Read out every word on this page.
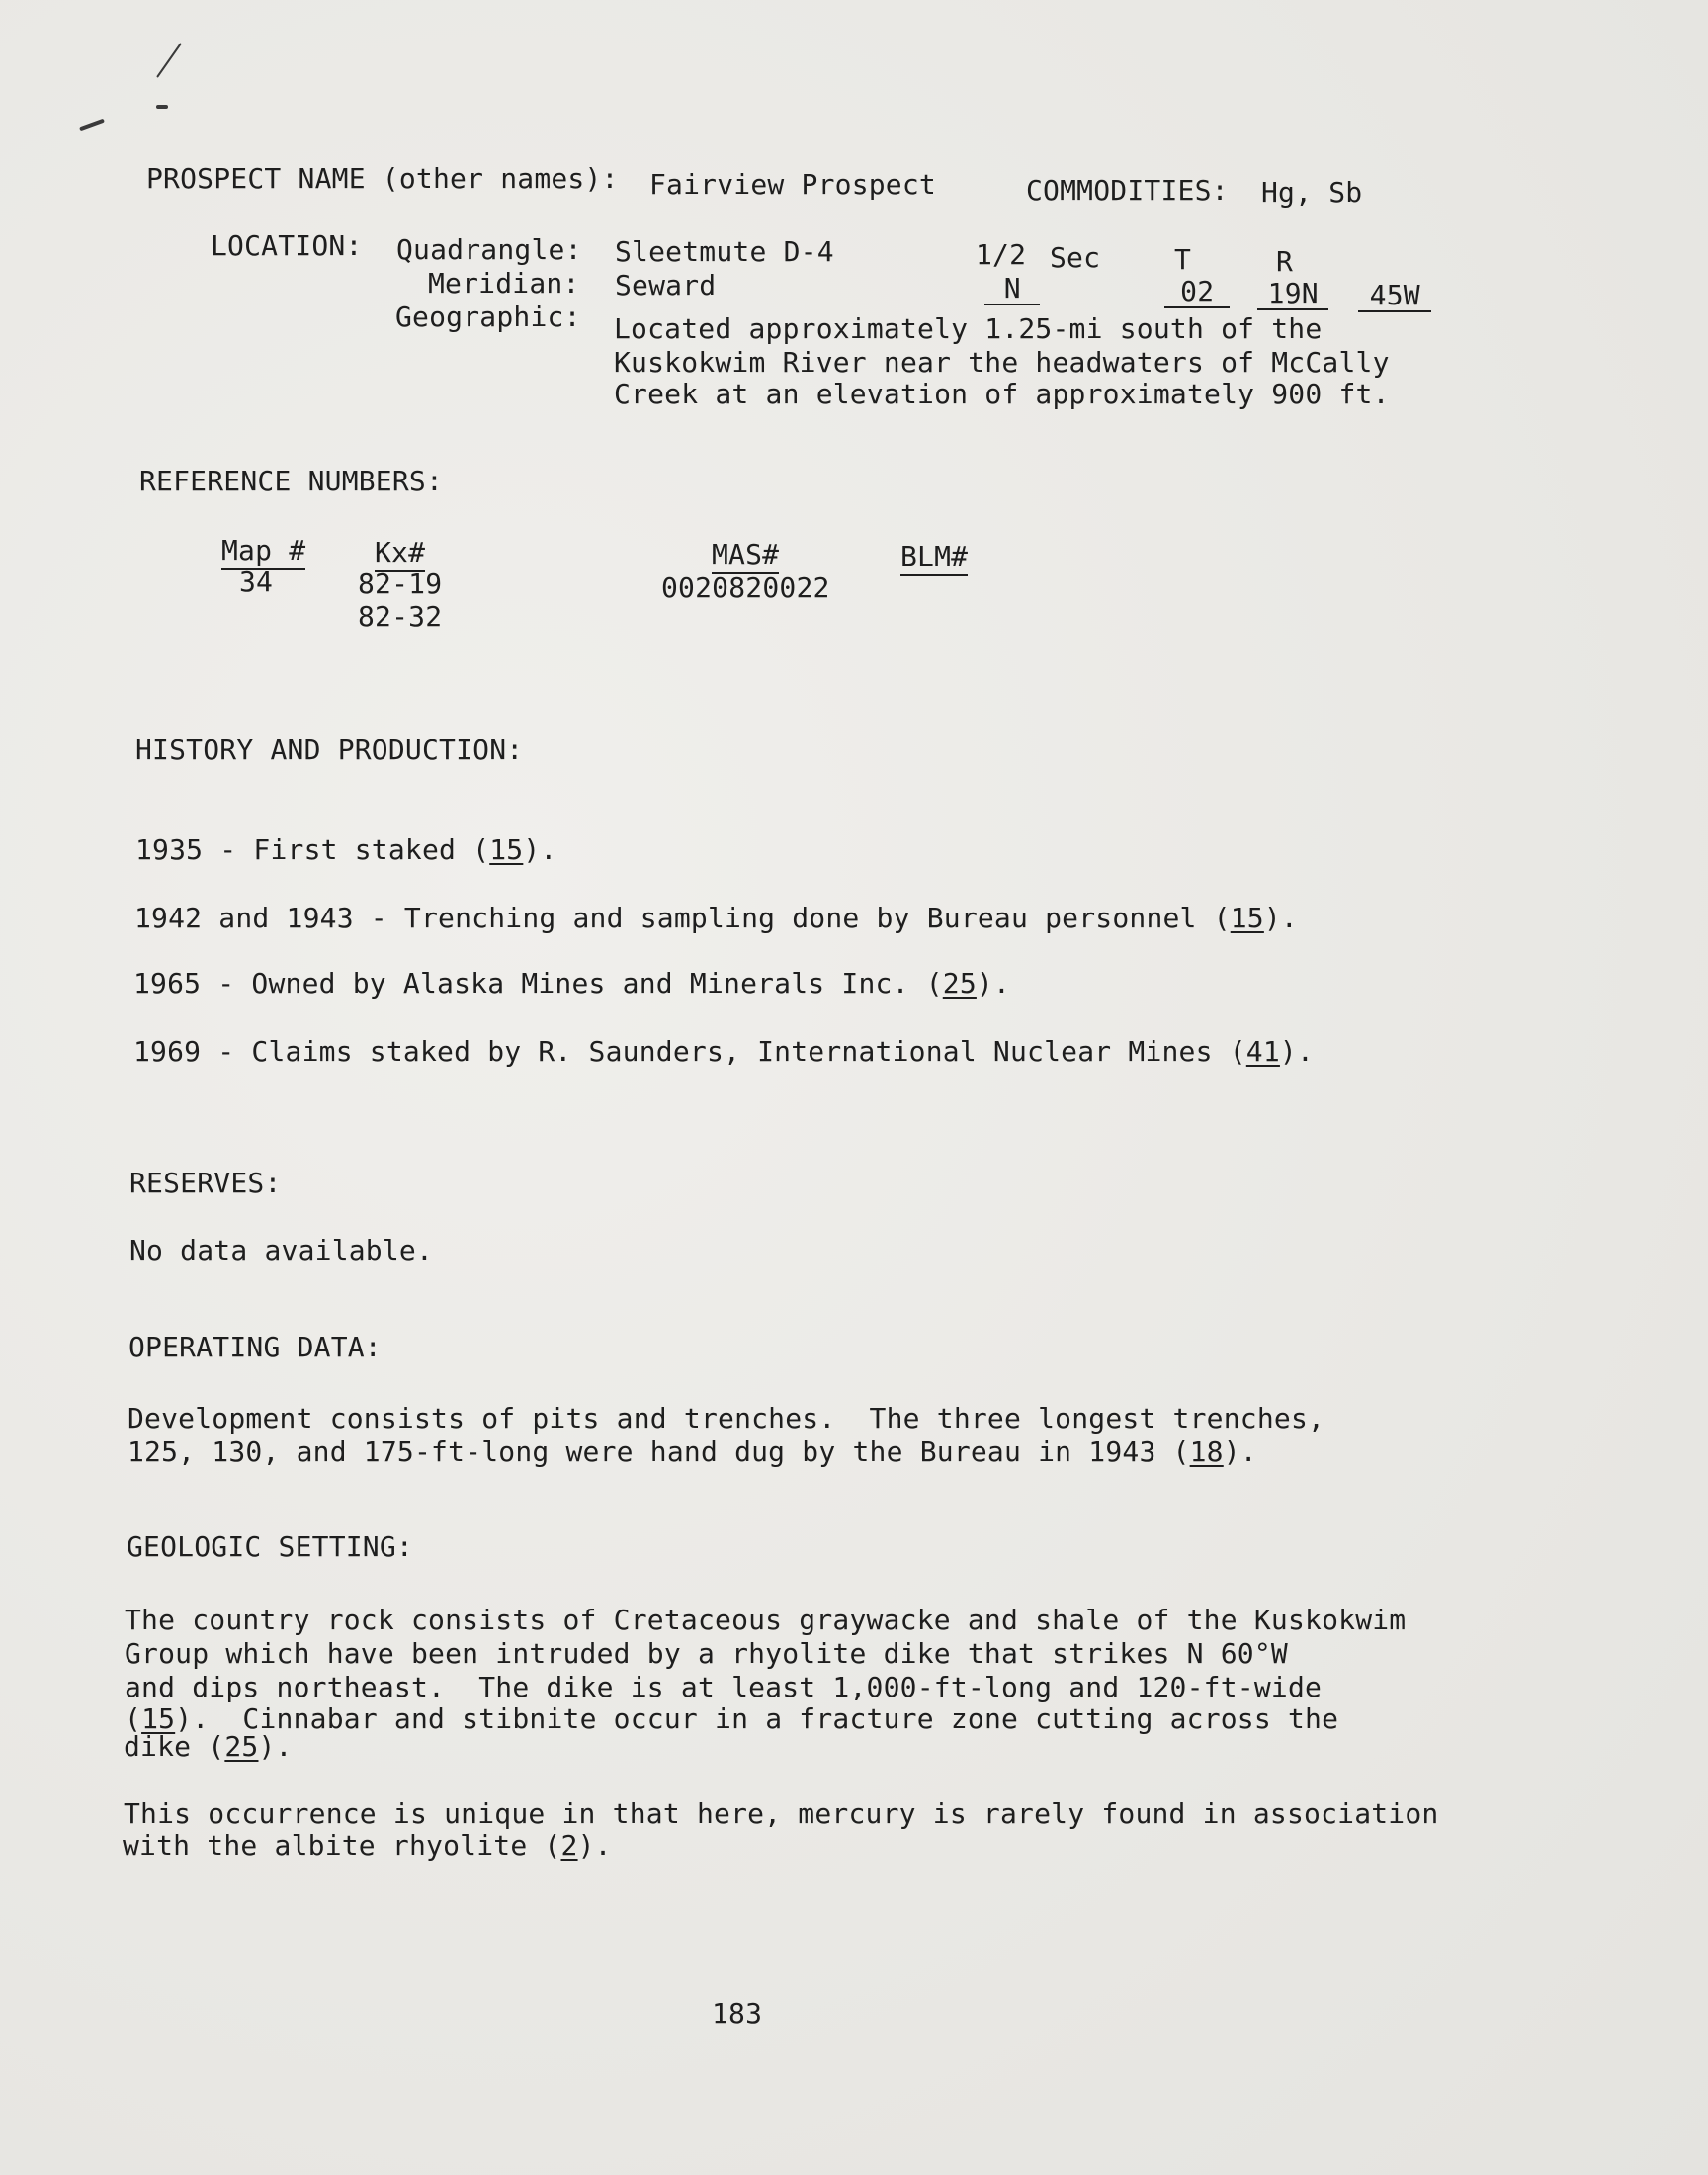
PROSPECT NAME (other names): Fairview Prospect	COMMODITIES: Hg, Sb
LOCATION: Quadrangle: Sleetmute D-4

N

1/2 Sec

02

T

19N

R

45W

Meridian: Seward
Geographic: Located approximately 1.25-mi south of the
Kuskokwim River near the headwaters of McCally
Creek at an elevation of approximately 900 ft.
REFERENCE NUMBERS:
Map #
34
Kx#
82-19
82-32
MAS#
0020820022
BLM#
HISTORY AND PRODUCTION:
1935 - First staked (15).
1942 and 1943 - Trenching and sampling done by Bureau personnel (15).
1965 - Owned by Alaska Mines and Minerals Inc. (25).
1969 - Claims staked by R. Saunders, International Nuclear Mines (41).
RESERVES:
No data available.
OPERATING DATA:
Development consists of pits and trenches.  The three longest trenches,
125, 130, and 175-ft-long were hand dug by the Bureau in 1943 (18).
GEOLOGIC SETTING:
The country rock consists of Cretaceous graywacke and shale of the Kuskokwim
Group which have been intruded by a rhyolite dike that strikes N 60°W
and dips northeast.  The dike is at least 1,000-ft-long and 120-ft-wide
(15).  Cinnabar and stibnite occur in a fracture zone cutting across the
dike (25).
This occurrence is unique in that here, mercury is rarely found in association
with the albite rhyolite (2).
183
